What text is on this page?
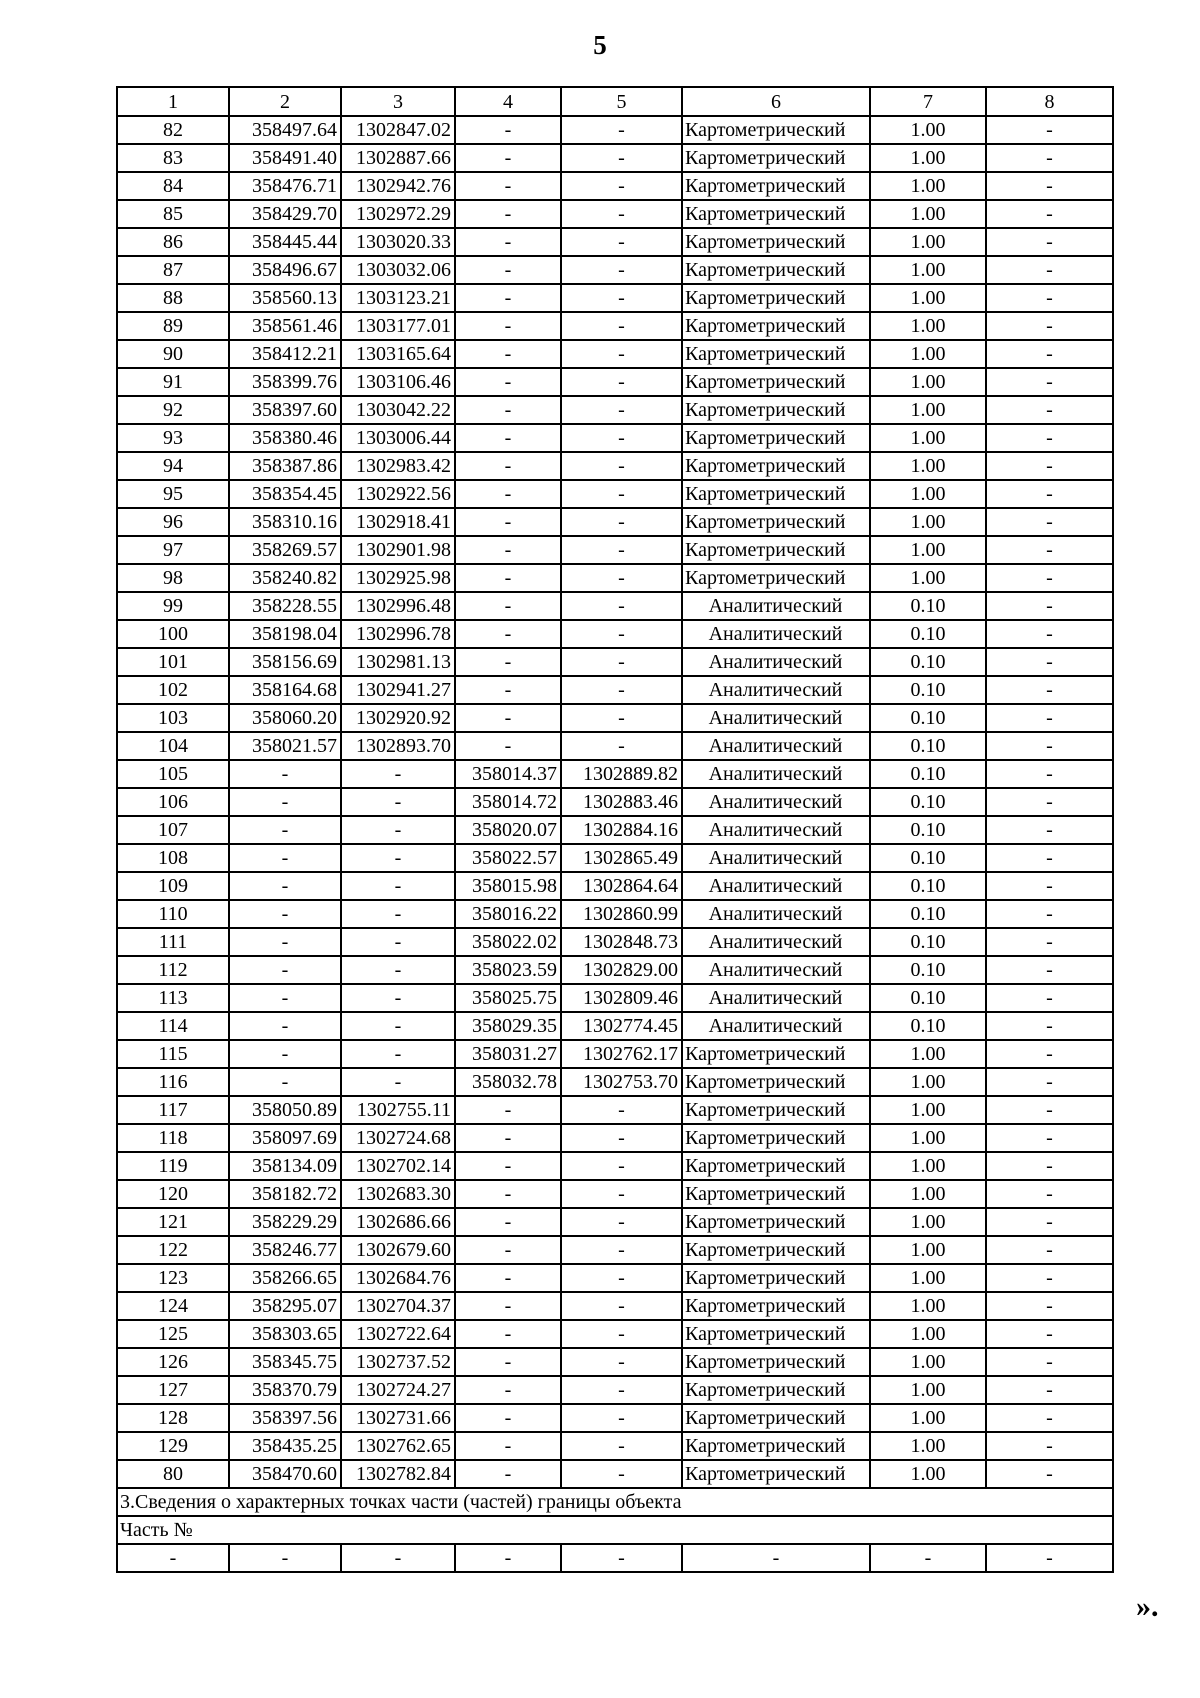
5
1	2	3	4	5	6	7	8
82	358497.64	1302847.02	-	-	Картометрический	1.00	-
83	358491.40	1302887.66	-	-	Картометрический	1.00	-
84	358476.71	1302942.76	-	-	Картометрический	1.00	-
85	358429.70	1302972.29	-	-	Картометрический	1.00	-
86	358445.44	1303020.33	-	-	Картометрический	1.00	-
87	358496.67	1303032.06	-	-	Картометрический	1.00	-
88	358560.13	1303123.21	-	-	Картометрический	1.00	-
89	358561.46	1303177.01	-	-	Картометрический	1.00	-
90	358412.21	1303165.64	-	-	Картометрический	1.00	-
91	358399.76	1303106.46	-	-	Картометрический	1.00	-
92	358397.60	1303042.22	-	-	Картометрический	1.00	-
93	358380.46	1303006.44	-	-	Картометрический	1.00	-
94	358387.86	1302983.42	-	-	Картометрический	1.00	-
95	358354.45	1302922.56	-	-	Картометрический	1.00	-
96	358310.16	1302918.41	-	-	Картометрический	1.00	-
97	358269.57	1302901.98	-	-	Картометрический	1.00	-
98	358240.82	1302925.98	-	-	Картометрический	1.00	-
99	358228.55	1302996.48	-	-	Аналитический	0.10	-
100	358198.04	1302996.78	-	-	Аналитический	0.10	-
101	358156.69	1302981.13	-	-	Аналитический	0.10	-
102	358164.68	1302941.27	-	-	Аналитический	0.10	-
103	358060.20	1302920.92	-	-	Аналитический	0.10	-
104	358021.57	1302893.70	-	-	Аналитический	0.10	-
105	-	-	358014.37	1302889.82	Аналитический	0.10	-
106	-	-	358014.72	1302883.46	Аналитический	0.10	-
107	-	-	358020.07	1302884.16	Аналитический	0.10	-
108	-	-	358022.57	1302865.49	Аналитический	0.10	-
109	-	-	358015.98	1302864.64	Аналитический	0.10	-
110	-	-	358016.22	1302860.99	Аналитический	0.10	-
111	-	-	358022.02	1302848.73	Аналитический	0.10	-
112	-	-	358023.59	1302829.00	Аналитический	0.10	-
113	-	-	358025.75	1302809.46	Аналитический	0.10	-
114	-	-	358029.35	1302774.45	Аналитический	0.10	-
115	-	-	358031.27	1302762.17	Картометрический	1.00	-
116	-	-	358032.78	1302753.70	Картометрический	1.00	-
117	358050.89	1302755.11	-	-	Картометрический	1.00	-
118	358097.69	1302724.68	-	-	Картометрический	1.00	-
119	358134.09	1302702.14	-	-	Картометрический	1.00	-
120	358182.72	1302683.30	-	-	Картометрический	1.00	-
121	358229.29	1302686.66	-	-	Картометрический	1.00	-
122	358246.77	1302679.60	-	-	Картометрический	1.00	-
123	358266.65	1302684.76	-	-	Картометрический	1.00	-
124	358295.07	1302704.37	-	-	Картометрический	1.00	-
125	358303.65	1302722.64	-	-	Картометрический	1.00	-
126	358345.75	1302737.52	-	-	Картометрический	1.00	-
127	358370.79	1302724.27	-	-	Картометрический	1.00	-
128	358397.56	1302731.66	-	-	Картометрический	1.00	-
129	358435.25	1302762.65	-	-	Картометрический	1.00	-
80	358470.60	1302782.84	-	-	Картометрический	1.00	-
3.Сведения о характерных точках части (частей) границы объекта							
Часть №							
-	-	-	-	-	-	-	-
».
